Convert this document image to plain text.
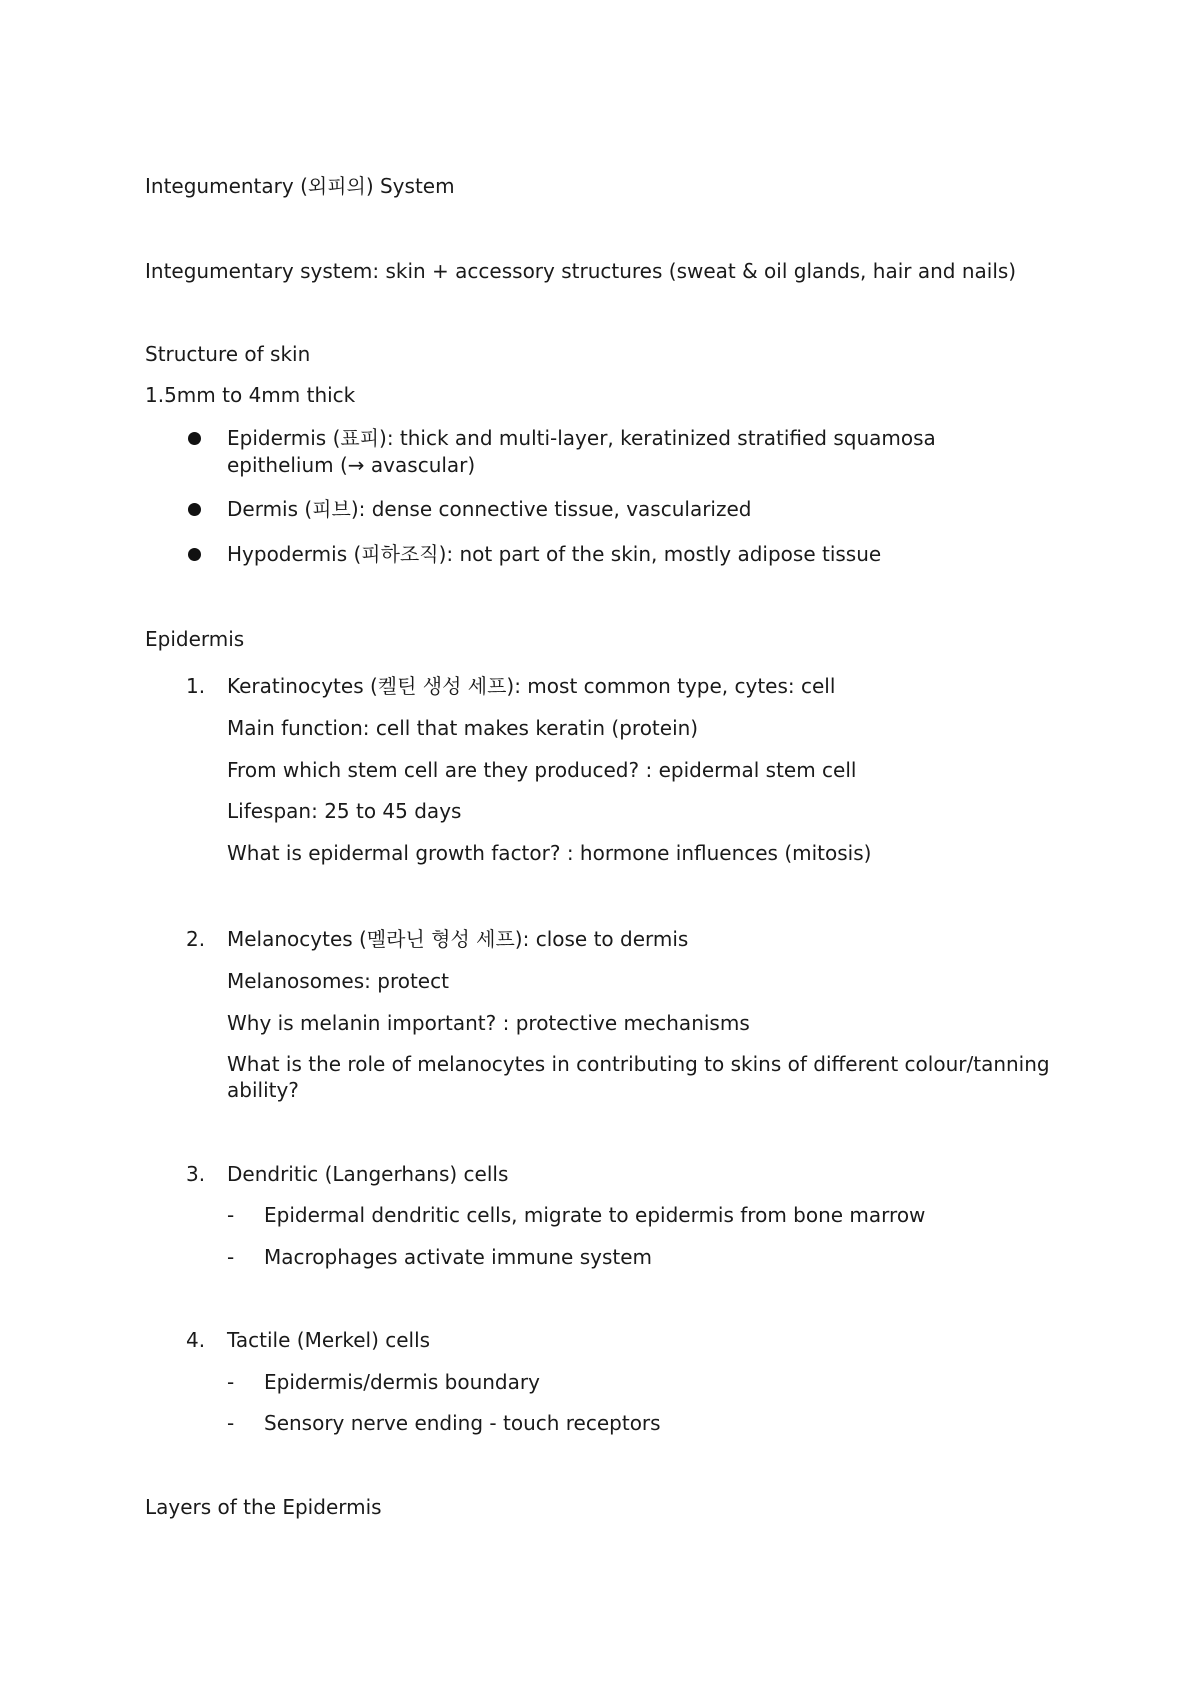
Integumentary (외피의) System
Integumentary system: skin + accessory structures (sweat & oil glands, hair and nails)
Structure of skin
1.5mm to 4mm thick
Epidermis (표피): thick and multi-layer, keratinized stratified squamosa
epithelium (→ avascular)
Dermis (피브): dense connective tissue, vascularized
Hypodermis (피하조직): not part of the skin, mostly adipose tissue
Epidermis
1. Keratinocytes (켈틴 생성 세프): most common type, cytes: cell
Main function: cell that makes keratin (protein)
From which stem cell are they produced? : epidermal stem cell
Lifespan: 25 to 45 days
What is epidermal growth factor? : hormone influences (mitosis)
2. Melanocytes (멜라닌 형성 세프): close to dermis
Melanosomes: protect
Why is melanin important? : protective mechanisms
What is the role of melanocytes in contributing to skins of different colour/tanning
ability?
3. Dendritic (Langerhans) cells
- Epidermal dendritic cells, migrate to epidermis from bone marrow
- Macrophages activate immune system
4. Tactile (Merkel) cells
- Epidermis/dermis boundary
- Sensory nerve ending - touch receptors
Layers of the Epidermis
